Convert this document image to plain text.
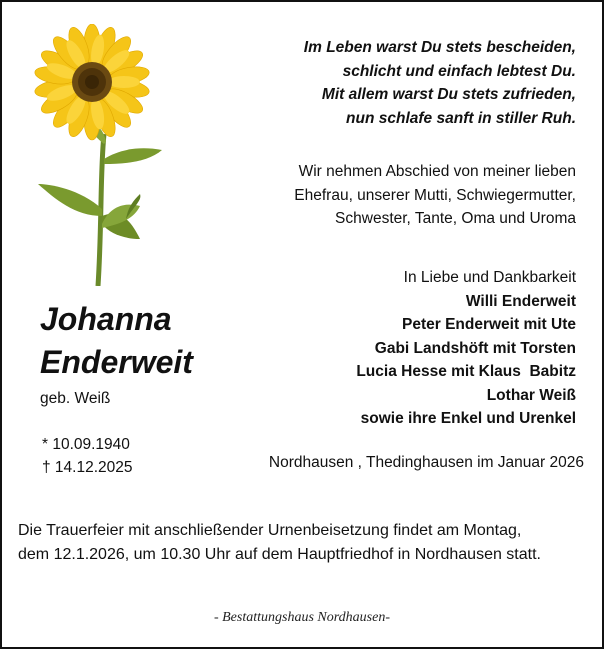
Im Leben warst Du stets bescheiden,
schlicht und einfach lebtest Du.
Mit allem warst Du stets zufrieden,
nun schlafe sanft in stiller Ruh.
Wir nehmen Abschied von meiner lieben
Ehefrau, unserer Mutti, Schwiegermutter,
Schwester, Tante, Oma und Uroma
In Liebe und Dankbarkeit
Willi Enderweit
Peter Enderweit mit Ute
Gabi Landshöft mit Torsten
Lucia Hesse mit Klaus  Babitz
Lothar Weiß
sowie ihre Enkel und Urenkel
Johanna
Enderweit
geb. Weiß
* 10.09.1940
† 14.12.2025	Nordhausen , Thedinghausen im Januar 2026
Die Trauerfeier mit anschließender Urnenbeisetzung findet am Montag,
dem 12.1.2026, um 10.30 Uhr auf dem Hauptfriedhof in Nordhausen statt.
- Bestattungshaus Nordhausen-
